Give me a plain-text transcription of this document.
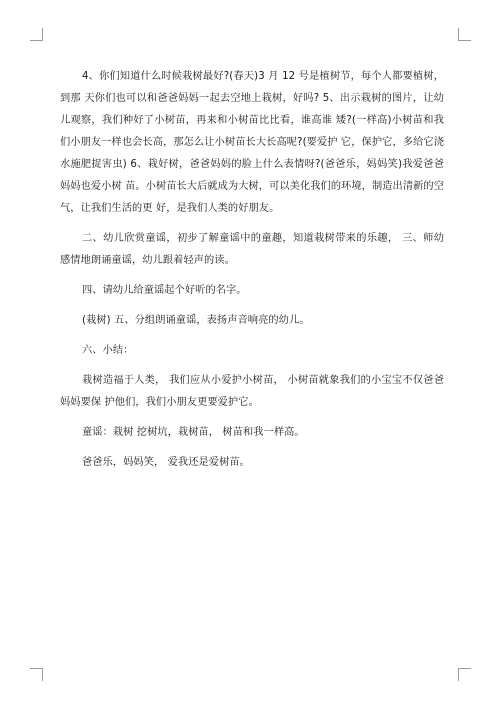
4、你们知道什么时候栽树最好?(春天)3 月 12 号是植树节，每个人都要植树，到那 天你们也可以和爸爸妈妈一起去空地上栽树，好吗? 5、出示栽树的图片，让幼儿观察，我们种好了小树苗，再来和小树苗比比看，谁高谁 矮?(一样高)小树苗和我们小朋友一样也会长高，那怎么让小树苗长大长高呢?(要爱护 它，保护它，多给它浇水施肥捉害虫) 6、栽好树，爸爸妈妈的脸上什么表情呀?(爸爸乐，妈妈笑)我爱爸爸妈妈也爱小树 苗。小树苗长大后就成为大树，可以美化我们的环境，制造出清新的空气，让我们生活的更 好，是我们人类的好朋友。

二、幼儿欣赏童谣，初步了解童谣中的童趣，知道栽树带来的乐趣， 三、师幼感情地朗诵童谣，幼儿跟着轻声的读。

四、请幼儿给童谣起个好听的名字。

(栽树) 五、分组朗诵童谣，表扬声音响亮的幼儿。

六、小结：

栽树造福于人类， 我们应从小爱护小树苗， 小树苗就象我们的小宝宝不仅爸爸妈妈要保 护他们，我们小朋友更要爱护它。

童谣：栽树 挖树坑，栽树苗， 树苗和我一样高。

爸爸乐，妈妈笑， 爱我还是爱树苗。
